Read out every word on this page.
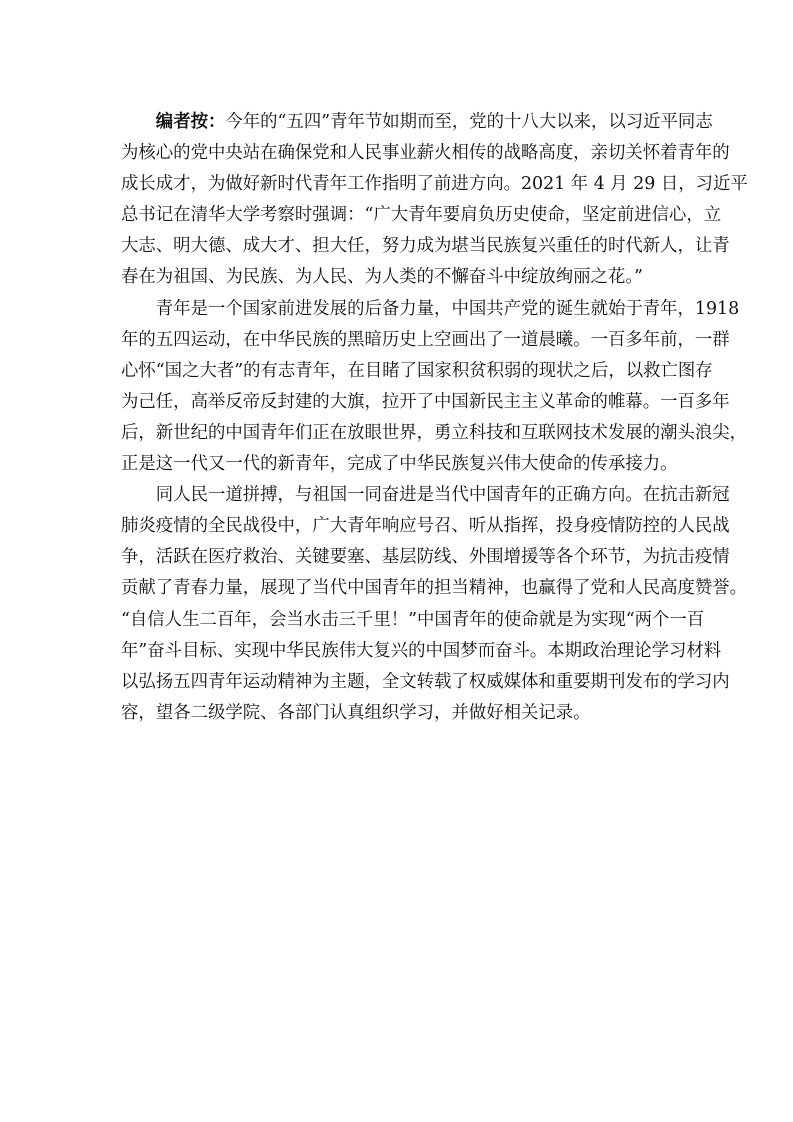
编者按：今年的“五四”青年节如期而至，党的十八大以来，以习近平同志
为核心的党中央站在确保党和人民事业薪火相传的战略高度，亲切关怀着青年的
成长成才，为做好新时代青年工作指明了前进方向。2021 年 4 月 29 日，习近平
总书记在清华大学考察时强调：“广大青年要肩负历史使命，坚定前进信心，立
大志、明大德、成大才、担大任，努力成为堪当民族复兴重任的时代新人，让青
春在为祖国、为民族、为人民、为人类的不懈奋斗中绽放绚丽之花。”
青年是一个国家前进发展的后备力量，中国共产党的诞生就始于青年，1918
年的五四运动，在中华民族的黑暗历史上空画出了一道晨曦。一百多年前，一群
心怀“国之大者”的有志青年，在目睹了国家积贫积弱的现状之后，以救亡图存
为己任，高举反帝反封建的大旗，拉开了中国新民主主义革命的帷幕。一百多年
后，新世纪的中国青年们正在放眼世界，勇立科技和互联网技术发展的潮头浪尖，
正是这一代又一代的新青年，完成了中华民族复兴伟大使命的传承接力。
同人民一道拼搏，与祖国一同奋进是当代中国青年的正确方向。在抗击新冠
肺炎疫情的全民战役中，广大青年响应号召、听从指挥，投身疫情防控的人民战
争，活跃在医疗救治、关键要塞、基层防线、外围增援等各个环节，为抗击疫情
贡献了青春力量，展现了当代中国青年的担当精神，也赢得了党和人民高度赞誉。
“自信人生二百年，会当水击三千里！”中国青年的使命就是为实现“两个一百
年”奋斗目标、实现中华民族伟大复兴的中国梦而奋斗。本期政治理论学习材料
以弘扬五四青年运动精神为主题，全文转载了权威媒体和重要期刊发布的学习内
容，望各二级学院、各部门认真组织学习，并做好相关记录。
